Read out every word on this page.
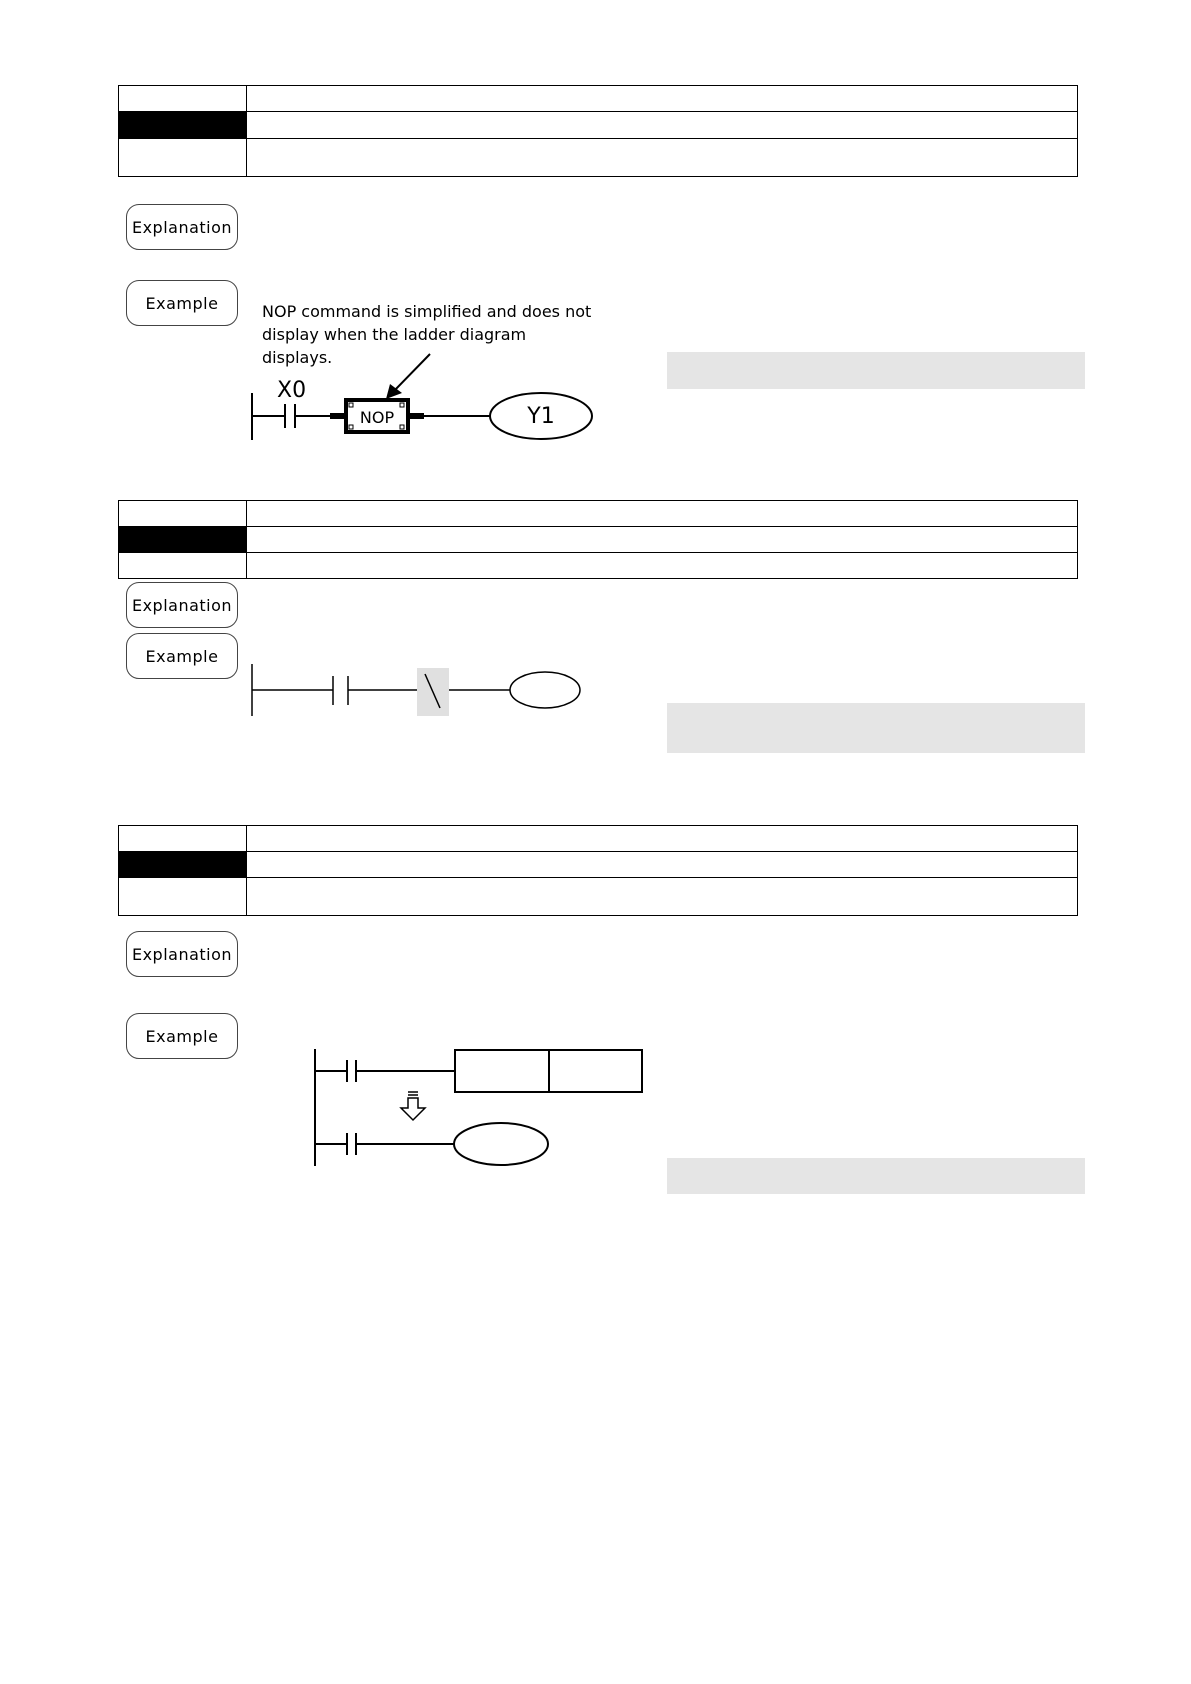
Explanation
Example	NOP command is simplified and does not display when the ladder diagram displays.
X0
NOP	Y1

Explanation
Example

Explanation
Example
